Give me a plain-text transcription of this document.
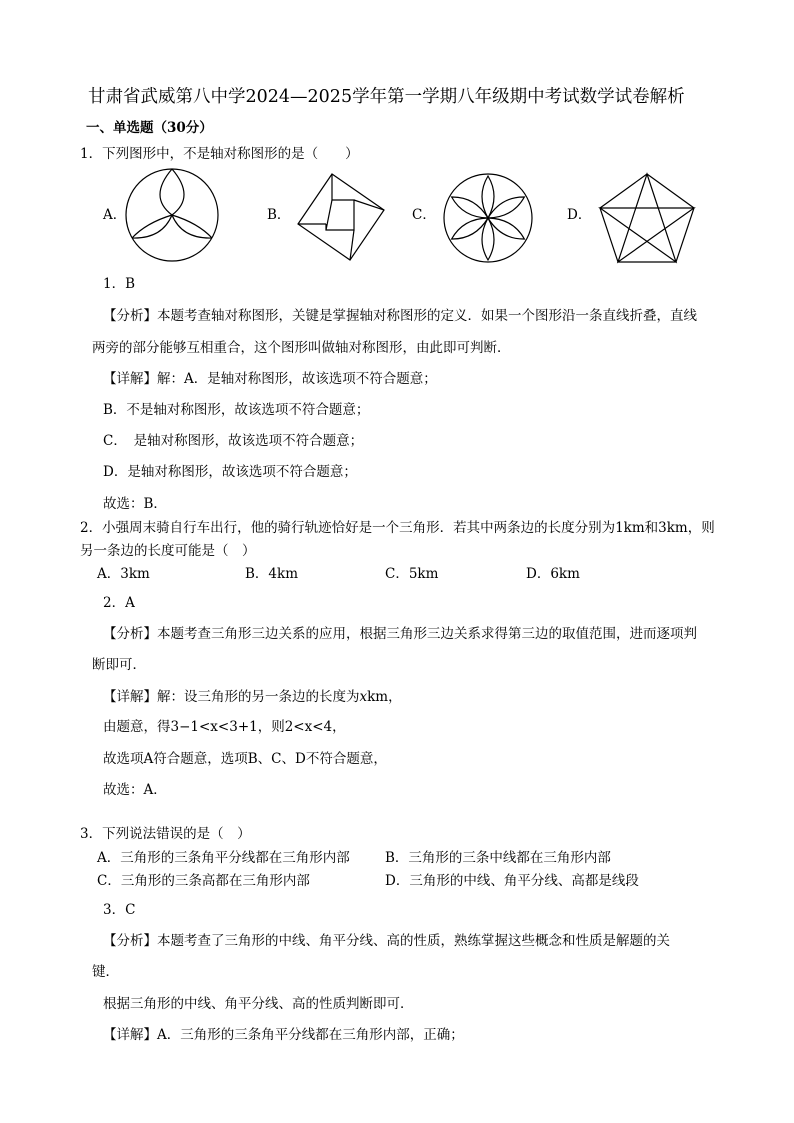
甘肃省武威第八中学2024—2025学年第一学期八年级期中考试数学试卷解析
一、单选题（30分）
1．下列图形中，不是轴对称图形的是（　　）
A．	B．	C．	D．
1．B
【分析】本题考查轴对称图形，关键是掌握轴对称图形的定义．如果一个图形沿一条直线折叠，直线
两旁的部分能够互相重合，这个图形叫做轴对称图形，由此即可判断．
【详解】解：A．是轴对称图形，故该选项不符合题意；
B．不是轴对称图形，故该选项不符合题意；
C．　是轴对称图形，故该选项不符合题意；
D．是轴对称图形，故该选项不符合题意；
故选：B．
2．小强周末骑自行车出行，他的骑行轨迹恰好是一个三角形．若其中两条边的长度分别为1km和3km，则
另一条边的长度可能是（　）
A．3km	B．4km	C．5km	D．6km
2．A
【分析】本题考查三角形三边关系的应用，根据三角形三边关系求得第三边的取值范围，进而逐项判
断即可．
【详解】解：设三角形的另一条边的长度为xkm，
由题意，得3−1<x<3+1，则2<x<4，
故选项A符合题意，选项B、C、D不符合题意，
故选：A．
3．下列说法错误的是（　）
A．三角形的三条角平分线都在三角形内部	B．三角形的三条中线都在三角形内部
C．三角形的三条高都在三角形内部	D．三角形的中线、角平分线、高都是线段
3．C
【分析】本题考查了三角形的中线、角平分线、高的性质，熟练掌握这些概念和性质是解题的关
键．
根据三角形的中线、角平分线、高的性质判断即可．
【详解】A．三角形的三条角平分线都在三角形内部，正确；
